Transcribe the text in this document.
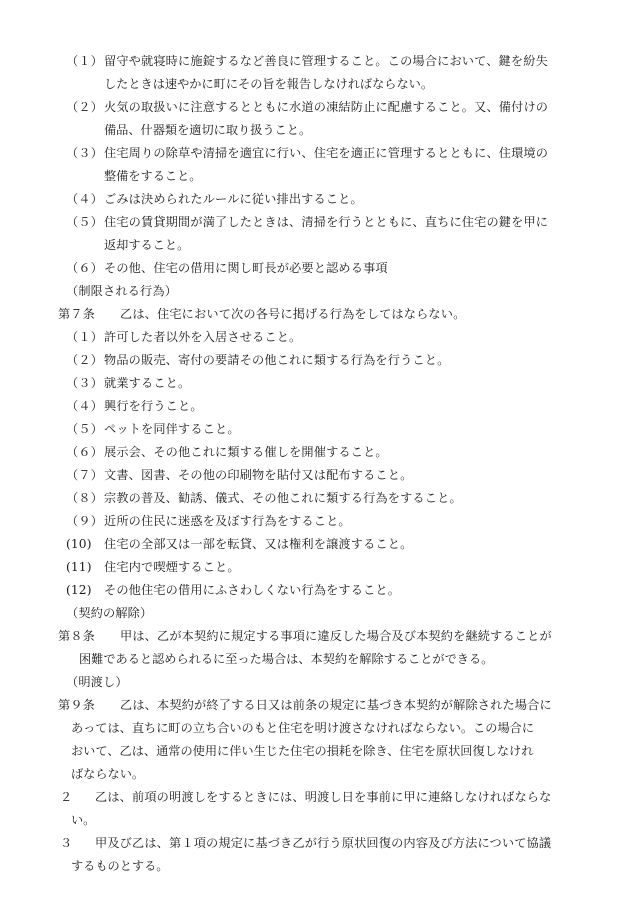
（１）留守や就寝時に施錠するなど善良に管理すること。この場合において、鍵を紛失
したときは速やかに町にその旨を報告しなければならない。
（２）火気の取扱いに注意するとともに水道の凍結防止に配慮すること。又、備付けの
備品、什器類を適切に取り扱うこと。
（３）住宅周りの除草や清掃を適宜に行い、住宅を適正に管理するとともに、住環境の
整備をすること。
（４）ごみは決められたルールに従い排出すること。
（５）住宅の賃貸期間が満了したときは、清掃を行うとともに、直ちに住宅の鍵を甲に
返却すること。
（６）その他、住宅の借用に関し町長が必要と認める事項
（制限される行為）
第７条 乙は、住宅において次の各号に掲げる行為をしてはならない。
（１）許可した者以外を入居させること。
（２）物品の販売、寄付の要請その他これに類する行為を行うこと。
（３）就業すること。
（４）興行を行うこと。
（５）ペットを同伴すること。
（６）展示会、その他これに類する催しを開催すること。
（７）文書、図書、その他の印刷物を貼付又は配布すること。
（８）宗教の普及、勧誘、儀式、その他これに類する行為をすること。
（９）近所の住民に迷惑を及ぼす行為をすること。
(10) 住宅の全部又は一部を転貸、又は権利を譲渡すること。
(11) 住宅内で喫煙すること。
(12) その他住宅の借用にふさわしくない行為をすること。
（契約の解除）
第８条 甲は、乙が本契約に規定する事項に違反した場合及び本契約を継続することが
困難であると認められるに至った場合は、本契約を解除することができる。
（明渡し）
第９条 乙は、本契約が終了する日又は前条の規定に基づき本契約が解除された場合に
あっては、直ちに町の立ち合いのもと住宅を明け渡さなければならない。この場合に
おいて、乙は、通常の使用に伴い生じた住宅の損耗を除き、住宅を原状回復しなけれ
ばならない。
２ 乙は、前項の明渡しをするときには、明渡し日を事前に甲に連絡しなければならな
い。
３ 甲及び乙は、第１項の規定に基づき乙が行う原状回復の内容及び方法について協議
するものとする。
